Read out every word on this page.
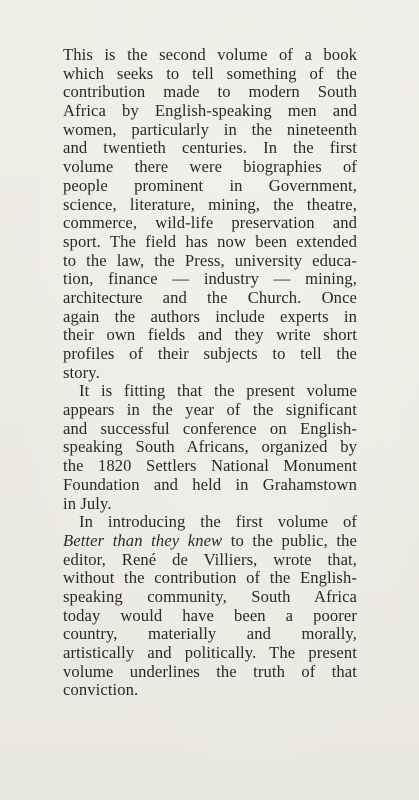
This is the second volume of a book
which seeks to tell something of the
contribution made to modern South
Africa by English-speaking men and
women, particularly in the nineteenth
and twentieth centuries. In the first
volume there were biographies of
people prominent in Government,
science, literature, mining, the theatre,
commerce, wild-life preservation and
sport. The field has now been extended
to the law, the Press, university educa-
tion, finance — industry — mining,
architecture and the Church. Once
again the authors include experts in
their own fields and they write short
profiles of their subjects to tell the
story.
It is fitting that the present volume
appears in the year of the significant
and successful conference on English-
speaking South Africans, organized by
the 1820 Settlers National Monument
Foundation and held in Grahamstown
in July.
In introducing the first volume of
Better than they knew to the public, the
editor, René de Villiers, wrote that,
without the contribution of the English-
speaking community, South Africa
today would have been a poorer
country, materially and morally,
artistically and politically. The present
volume underlines the truth of that
conviction.
